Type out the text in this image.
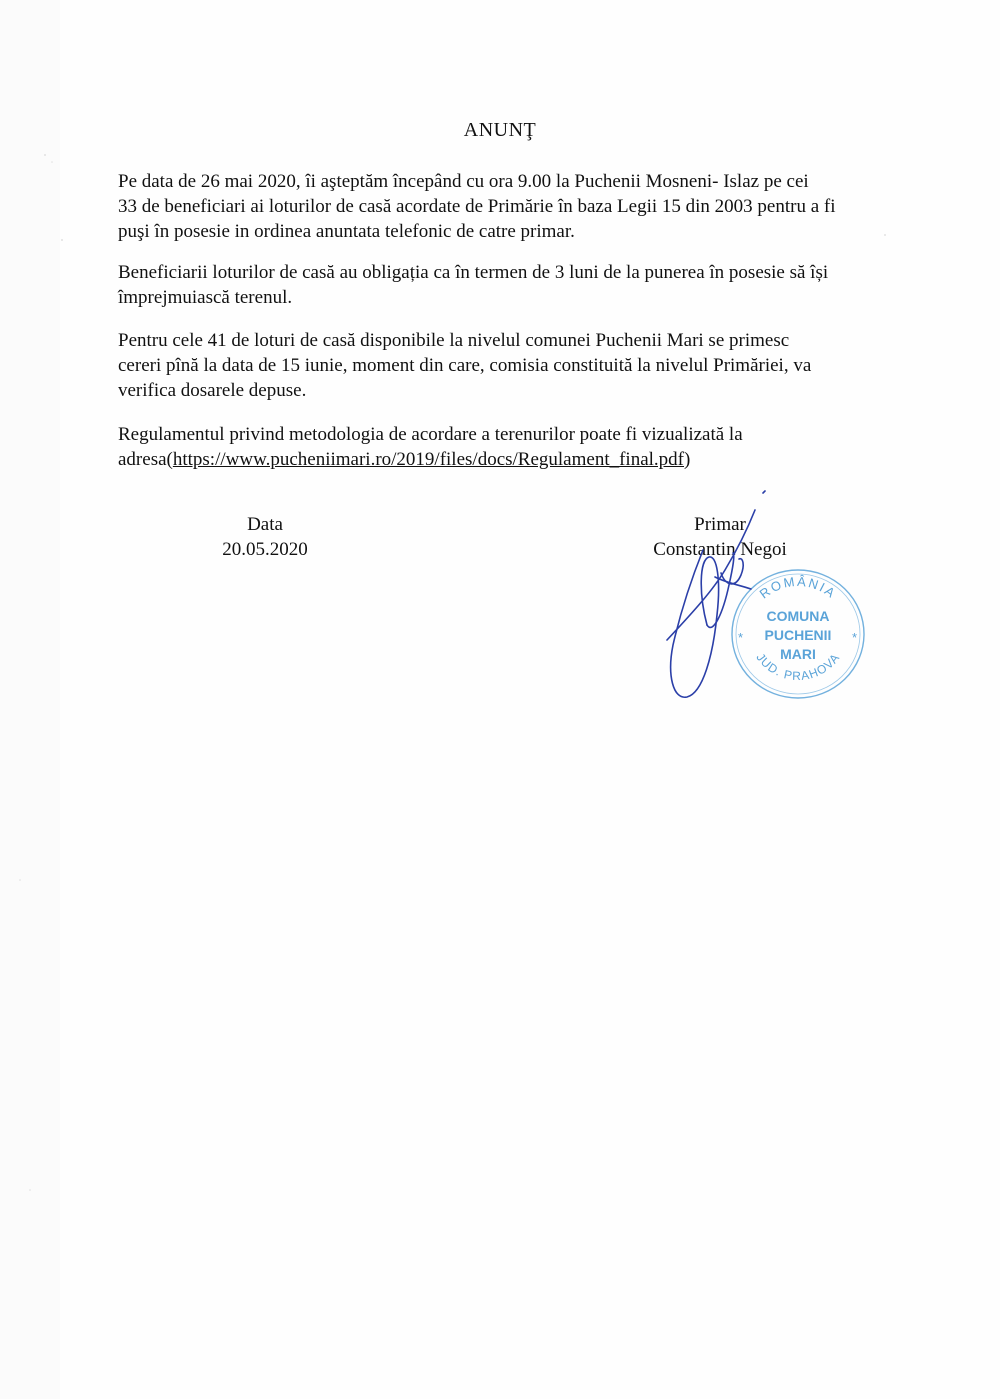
ANUNŢ

Pe data de 26 mai 2020, îi aşteptăm începând cu ora 9.00 la Puchenii Mosneni- Islaz pe cei
33 de beneficiari ai loturilor de casă acordate de Primărie în baza Legii 15 din 2003 pentru a fi
puşi în posesie in ordinea anuntata telefonic de catre primar.

Beneficiarii loturilor de casă au obligația ca în termen de 3 luni de la punerea în posesie să își
împrejmuiască terenul.

Pentru cele 41 de loturi de casă disponibile la nivelul comunei Puchenii Mari se primesc
cereri pînă la data de 15 iunie, moment din care, comisia constituită la nivelul Primăriei, va
verifica dosarele depuse.

Regulamentul privind metodologia de acordare a terenurilor poate fi vizualizată la
adresa(https://www.pucheniimari.ro/2019/files/docs/Regulament_final.pdf)

Data
20.05.2020
Primar
Constantin Negoi
ROMÂNIA
JUD. PRAHOVA
*	*
COMUNA
PUCHENII
MARI
